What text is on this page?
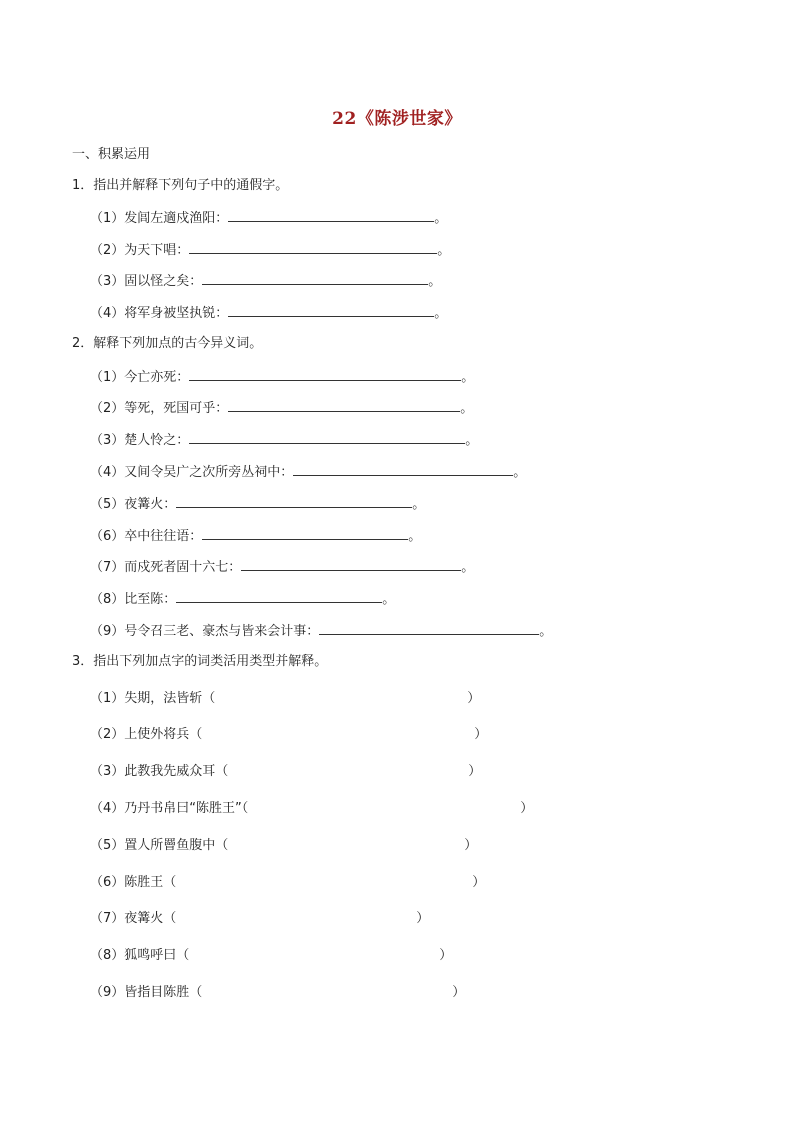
22《陈涉世家》
一、积累运用
1．指出并解释下列句子中的通假字。
（1）发闾左適戍渔阳：	。
（2）为天下唱：	。
（3）固以怪之矣：	。
（4）将军身被坚执锐：	。
2．解释下列加点的古今异义词。
（1）今亡亦死：	。
（2）等死，死国可乎：	。
（3）楚人怜之：	。
（4）又间令吴广之次所旁丛祠中：	。
（5）夜篝火：	。
（6）卒中往往语：	。
（7）而戍死者固十六七：	。
（8）比至陈：	。
（9）号令召三老、豪杰与皆来会计事：	。
3．指出下列加点字的词类活用类型并解释。
（1）失期，法皆斩（	）
（2）上使外将兵（	）
（3）此教我先威众耳（	）
（4）乃丹书帛曰“陈胜王”（	）
（5）置人所罾鱼腹中（	）
（6）陈胜王（	）
（7）夜篝火（	）
（8）狐鸣呼曰（	）
（9）皆指目陈胜（	）
